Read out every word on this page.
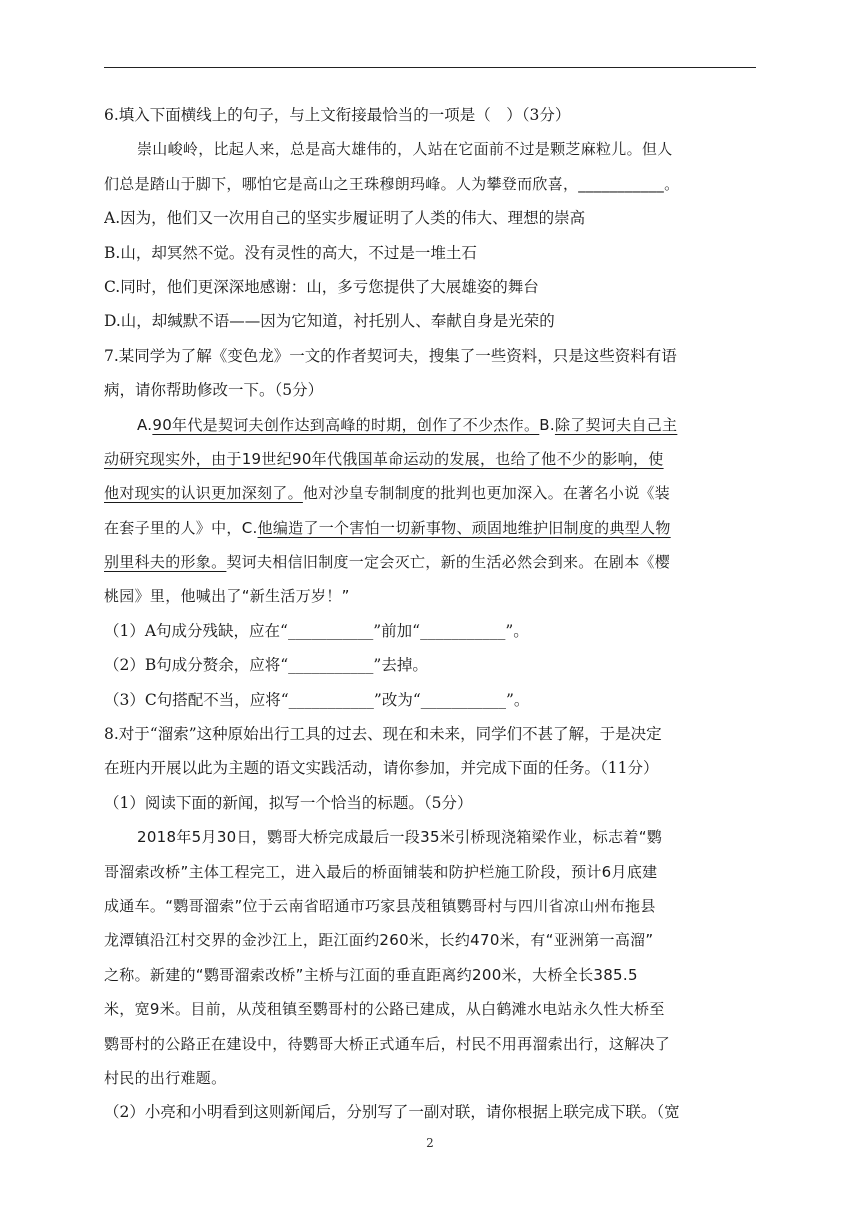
6.填入下面横线上的句子，与上文衔接最恰当的一项是（　）（3分）
崇山峻岭，比起人来，总是高大雄伟的，人站在它面前不过是颗芝麻粒儿。但人
们总是踏山于脚下，哪怕它是高山之王珠穆朗玛峰。人为攀登而欣喜，___________。
A.因为，他们又一次用自己的坚实步履证明了人类的伟大、理想的崇高
B.山，却冥然不觉。没有灵性的高大，不过是一堆土石
C.同时，他们更深深地感谢：山，多亏您提供了大展雄姿的舞台
D.山，却缄默不语——因为它知道，衬托别人、奉献自身是光荣的
7.某同学为了解《变色龙》一文的作者契诃夫，搜集了一些资料，只是这些资料有语
病，请你帮助修改一下。（5分）
A.90年代是契诃夫创作达到高峰的时期，创作了不少杰作。B.除了契诃夫自己主
动研究现实外，由于19世纪90年代俄国革命运动的发展，也给了他不少的影响，使
他对现实的认识更加深刻了。他对沙皇专制制度的批判也更加深入。在著名小说《装
在套子里的人》中，C.他编造了一个害怕一切新事物、顽固地维护旧制度的典型人物
别里科夫的形象。契诃夫相信旧制度一定会灭亡，新的生活必然会到来。在剧本《樱
桃园》里，他喊出了“新生活万岁！”
（1）A句成分残缺，应在“___________”前加“___________”。
（2）B句成分赘余，应将“___________”去掉。
（3）C句搭配不当，应将“___________”改为“___________”。
8.对于“溜索”这种原始出行工具的过去、现在和未来，同学们不甚了解，于是决定
在班内开展以此为主题的语文实践活动，请你参加，并完成下面的任务。（11分）
（1）阅读下面的新闻，拟写一个恰当的标题。（5分）
2018年5月30日，鹦哥大桥完成最后一段35米引桥现浇箱梁作业，标志着“鹦
哥溜索改桥”主体工程完工，进入最后的桥面铺装和防护栏施工阶段，预计6月底建
成通车。“鹦哥溜索”位于云南省昭通市巧家县茂租镇鹦哥村与四川省凉山州布拖县
龙潭镇沿江村交界的金沙江上，距江面约260米，长约470米，有“亚洲第一高溜”
之称。新建的“鹦哥溜索改桥”主桥与江面的垂直距离约200米，大桥全长385.5
米，宽9米。目前，从茂租镇至鹦哥村的公路已建成，从白鹤滩水电站永久性大桥至
鹦哥村的公路正在建设中，待鹦哥大桥正式通车后，村民不用再溜索出行，这解决了
村民的出行难题。
（2）小亮和小明看到这则新闻后，分别写了一副对联，请你根据上联完成下联。（宽
2
